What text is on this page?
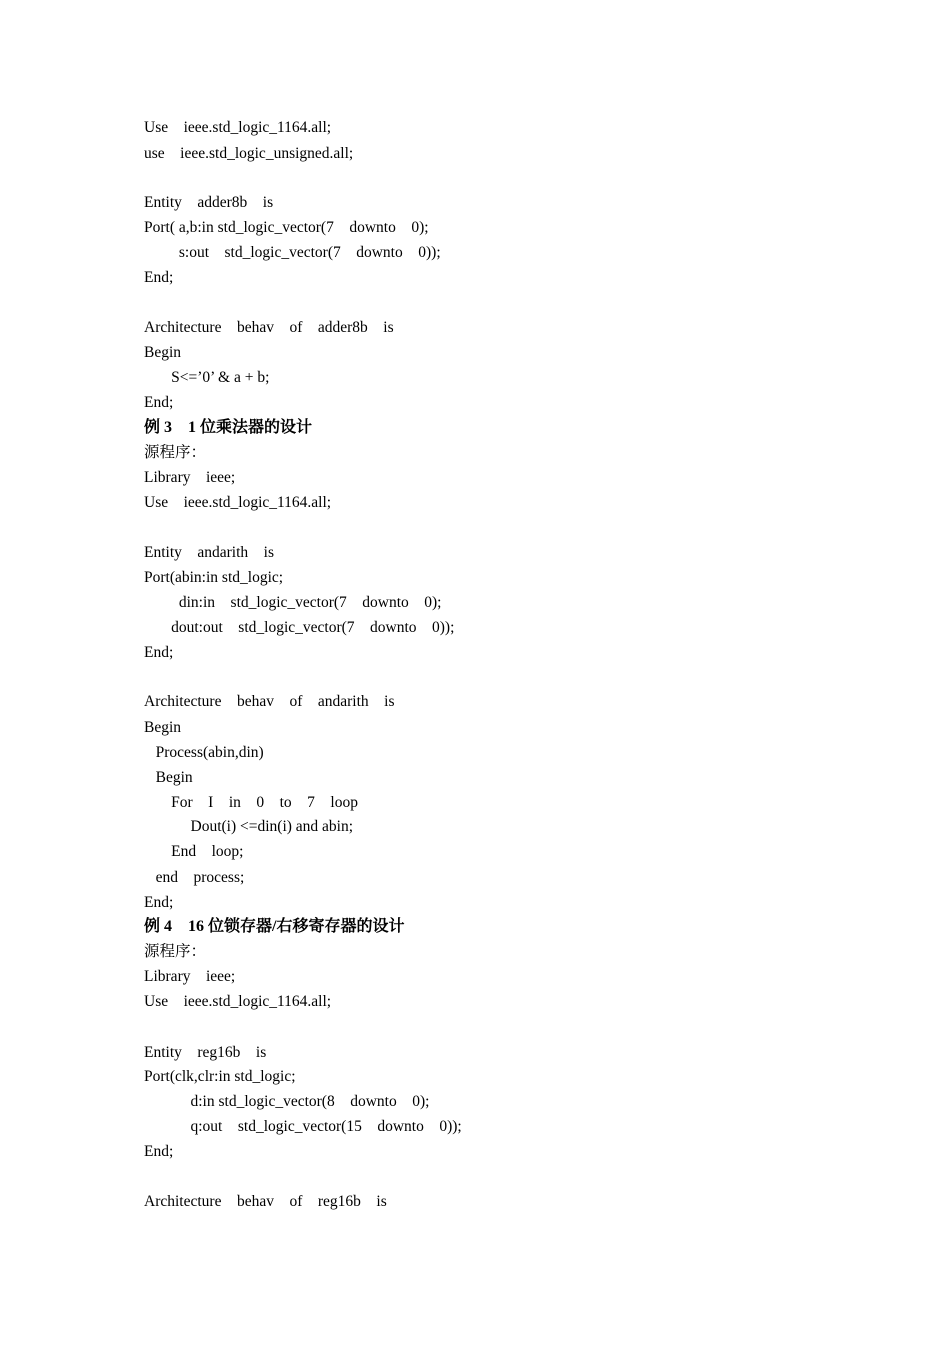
Use    ieee.std_logic_1164.all;
use    ieee.std_logic_unsigned.all;
Entity    adder8b    is
Port( a,b:in std_logic_vector(7    downto    0);
s:out    std_logic_vector(7    downto    0));
End;
Architecture    behav    of    adder8b    is
Begin
S<=’0’ & a + b;
End;
例 3    1 位乘法器的设计
源程序：
Library    ieee;
Use    ieee.std_logic_1164.all;
Entity    andarith    is
Port(abin:in std_logic;
din:in    std_logic_vector(7    downto    0);
dout:out    std_logic_vector(7    downto    0));
End;
Architecture    behav    of    andarith    is
Begin
Process(abin,din)
Begin
For    I    in    0    to    7    loop
Dout(i) <=din(i) and abin;
End    loop;
end    process;
End;
例 4    16 位锁存器/右移寄存器的设计
源程序：
Library    ieee;
Use    ieee.std_logic_1164.all;
Entity    reg16b    is
Port(clk,clr:in std_logic;
d:in std_logic_vector(8    downto    0);
q:out    std_logic_vector(15    downto    0));
End;
Architecture    behav    of    reg16b    is
